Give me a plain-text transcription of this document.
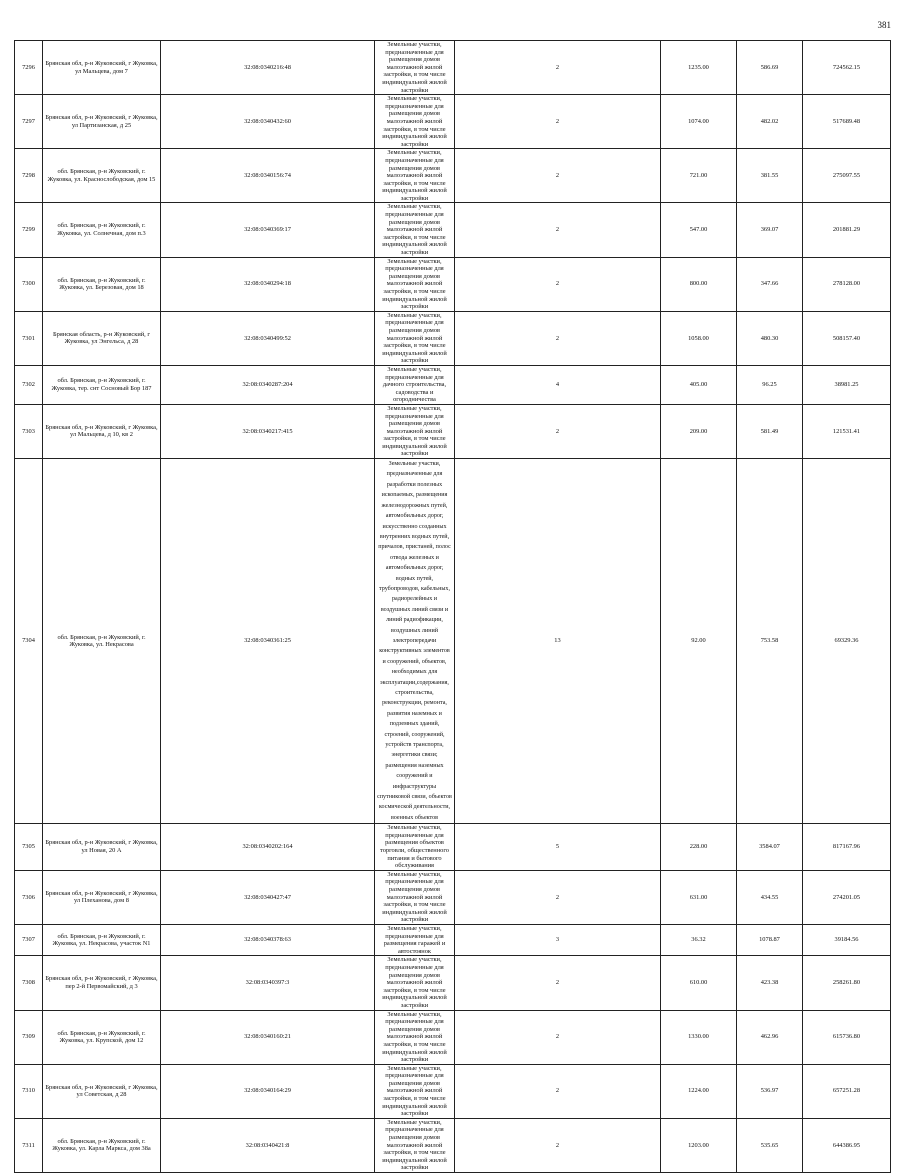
381
7296	Брянская обл, р-н Жуковский, г Жуковка, ул Мальцева, дом 7	32:08:0340216:48	Земельные участки, предназначенные для размещения домов малоэтажной жилой застройки, в том числе индивидуальной жилой застройки	2	1235.00	586.69	724562.15
7297	Брянская обл, р-н Жуковский, г Жуковка, ул Партизанская, д 25	32:08:0340432:60	Земельные участки, предназначенные для размещения домов малоэтажной жилой застройки, в том числе индивидуальной жилой застройки	2	1074.00	482.02	517689.48
7298	обл. Брянская, р-н Жуковский, г. Жуковка, ул. Краснослободская, дом 15	32:08:0340156:74	Земельные участки, предназначенные для размещения домов малоэтажной жилой застройки, в том числе индивидуальной жилой застройки	2	721.00	381.55	275097.55
7299	обл. Брянская, р-н Жуковский, г. Жуковка, ул. Солнечная, дом п.3	32:08:0340369:17	Земельные участки, предназначенные для размещения домов малоэтажной жилой застройки, в том числе индивидуальной жилой застройки	2	547.00	369.07	201881.29
7300	обл. Брянская, р-н Жуковский, г. Жуковка, ул. Березовая, дом 18	32:08:0340294:18	Земельные участки, предназначенные для размещения домов малоэтажной жилой застройки, в том числе индивидуальной жилой застройки	2	800.00	347.66	278128.00
7301	Брянская область, р-н Жуковский, г Жуковка, ул Энгельса, д 28	32:08:0340499:52	Земельные участки, предназначенные для размещения домов малоэтажной жилой застройки, в том числе индивидуальной жилой застройки	2	1058.00	480.30	508157.40
7302	обл. Брянская, р-н Жуковский, г. Жуковка, тер. снт Сосновый Бор 187	32:08:0340287:204	Земельные участки, предназначенные для дачного строительства, садоводства и огородничества	4	405.00	96.25	38981.25
7303	Брянская обл, р-н Жуковский, г Жуковка, ул Мальцева, д 10, кв 2	32:08:0340217:415	Земельные участки, предназначенные для размещения домов малоэтажной жилой застройки, в том числе индивидуальной жилой застройки	2	209.00	581.49	121531.41
7304	обл. Брянская, р-н Жуковский, г. Жуковка, ул. Некрасова	32:08:0340361:25	Земельные участки, предназначенные для разработки полезных ископаемых, размещения железнодорожных путей, автомобильных дорог, искусственно созданных внутренних водных путей, причалов, пристаней, полос отвода железных и автомобильных дорог, водных путей, трубопроводов, кабельных, радиорелейных и воздушных линий связи и линий радиофикации, воздушных линий электропередачи конструктивных элементов и сооружений, объектов, необходимых для эксплуатации,содержания, строительства, реконструкции, ремонта, развития наземных и подземных зданий, строений, сооружений, устройств транспорта, энергетики связи; размещения наземных сооружений и инфраструктуры спутниковой связи, объектов космической деятельности, военных объектов	13	92.00	753.58	69329.36
7305	Брянская обл, р-н Жуковский, г Жуковка, ул Новая, 20 А	32:08:0340202:164	Земельные участки, предназначенные для размещения объектов торговли, общественного питания и бытового обслуживания	5	228.00	3584.07	817167.96
7306	Брянская обл, р-н Жуковский, г Жуковка, ул Плеханова, дом 8	32:08:0340427:47	Земельные участки, предназначенные для размещения домов малоэтажной жилой застройки, в том числе индивидуальной жилой застройки	2	631.00	434.55	274201.05
7307	обл. Брянская, р-н Жуковский, г. Жуковка, ул. Некрасова, участок N1	32:08:0340378:63	Земельные участки, предназначенные для размещения гаражей и автостоянок	3	36.32	1078.87	39184.56
7308	Брянская обл, р-н Жуковский, г Жуковка, пер 2-й Первомайский, д 3	32:08:0340397:3	Земельные участки, предназначенные для размещения домов малоэтажной жилой застройки, в том числе индивидуальной жилой застройки	2	610.00	423.38	258261.80
7309	обл. Брянская, р-н Жуковский, г. Жуковка, ул. Крупской, дом 12	32:08:0340160:21	Земельные участки, предназначенные для размещения домов малоэтажной жилой застройки, в том числе индивидуальной жилой застройки	2	1330.00	462.96	615736.80
7310	Брянская обл, р-н Жуковский, г Жуковка, ул Советская, д 28	32:08:0340164:29	Земельные участки, предназначенные для размещения домов малоэтажной жилой застройки, в том числе индивидуальной жилой застройки	2	1224.00	536.97	657251.28
7311	обл. Брянская, р-н Жуковский, г. Жуковка, ул. Карла Маркса, дом 38а	32:08:0340421:8	Земельные участки, предназначенные для размещения домов малоэтажной жилой застройки, в том числе индивидуальной жилой застройки	2	1203.00	535.65	644386.95
